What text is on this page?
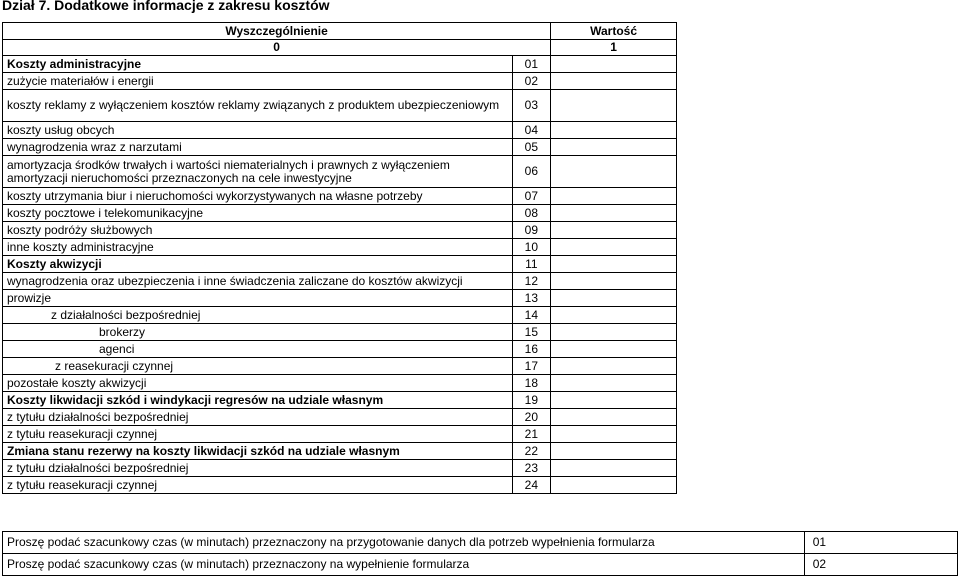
Dział 7. Dodatkowe informacje z zakresu kosztów
Wyszczególnienie		Wartość
0		1
Koszty administracyjne	01	
zużycie materiałów i energii	02	
koszty reklamy z wyłączeniem kosztów reklamy związanych z produktem ubezpieczeniowym	03	
koszty usług obcych	04	
wynagrodzenia wraz z narzutami	05	
amortyzacja środków trwałych i wartości niematerialnych i prawnych z wyłączeniem amortyzacji nieruchomości przeznaczonych na cele inwestycyjne	06	
koszty utrzymania biur i nieruchomości wykorzystywanych na własne potrzeby	07	
koszty pocztowe i telekomunikacyjne	08	
koszty podróży służbowych	09	
inne koszty administracyjne	10	
Koszty akwizycji	11	
wynagrodzenia oraz ubezpieczenia i inne świadczenia zaliczane do kosztów akwizycji	12	
prowizje	13	
z działalności bezpośredniej	14	
brokerzy	15	
agenci	16	
z reasekuracji czynnej	17	
pozostałe koszty akwizycji	18	
Koszty likwidacji szkód i windykacji regresów na udziale własnym	19	
z tytułu działalności bezpośredniej	20	
z tytułu reasekuracji czynnej	21	
Zmiana stanu rezerwy na koszty likwidacji szkód na udziale własnym	22	
z tytułu działalności bezpośredniej	23	
z tytułu reasekuracji czynnej	24	
Proszę podać szacunkowy czas (w minutach) przeznaczony na przygotowanie danych dla potrzeb wypełnienia formularza	01
Proszę podać szacunkowy czas (w minutach) przeznaczony na wypełnienie formularza	02
